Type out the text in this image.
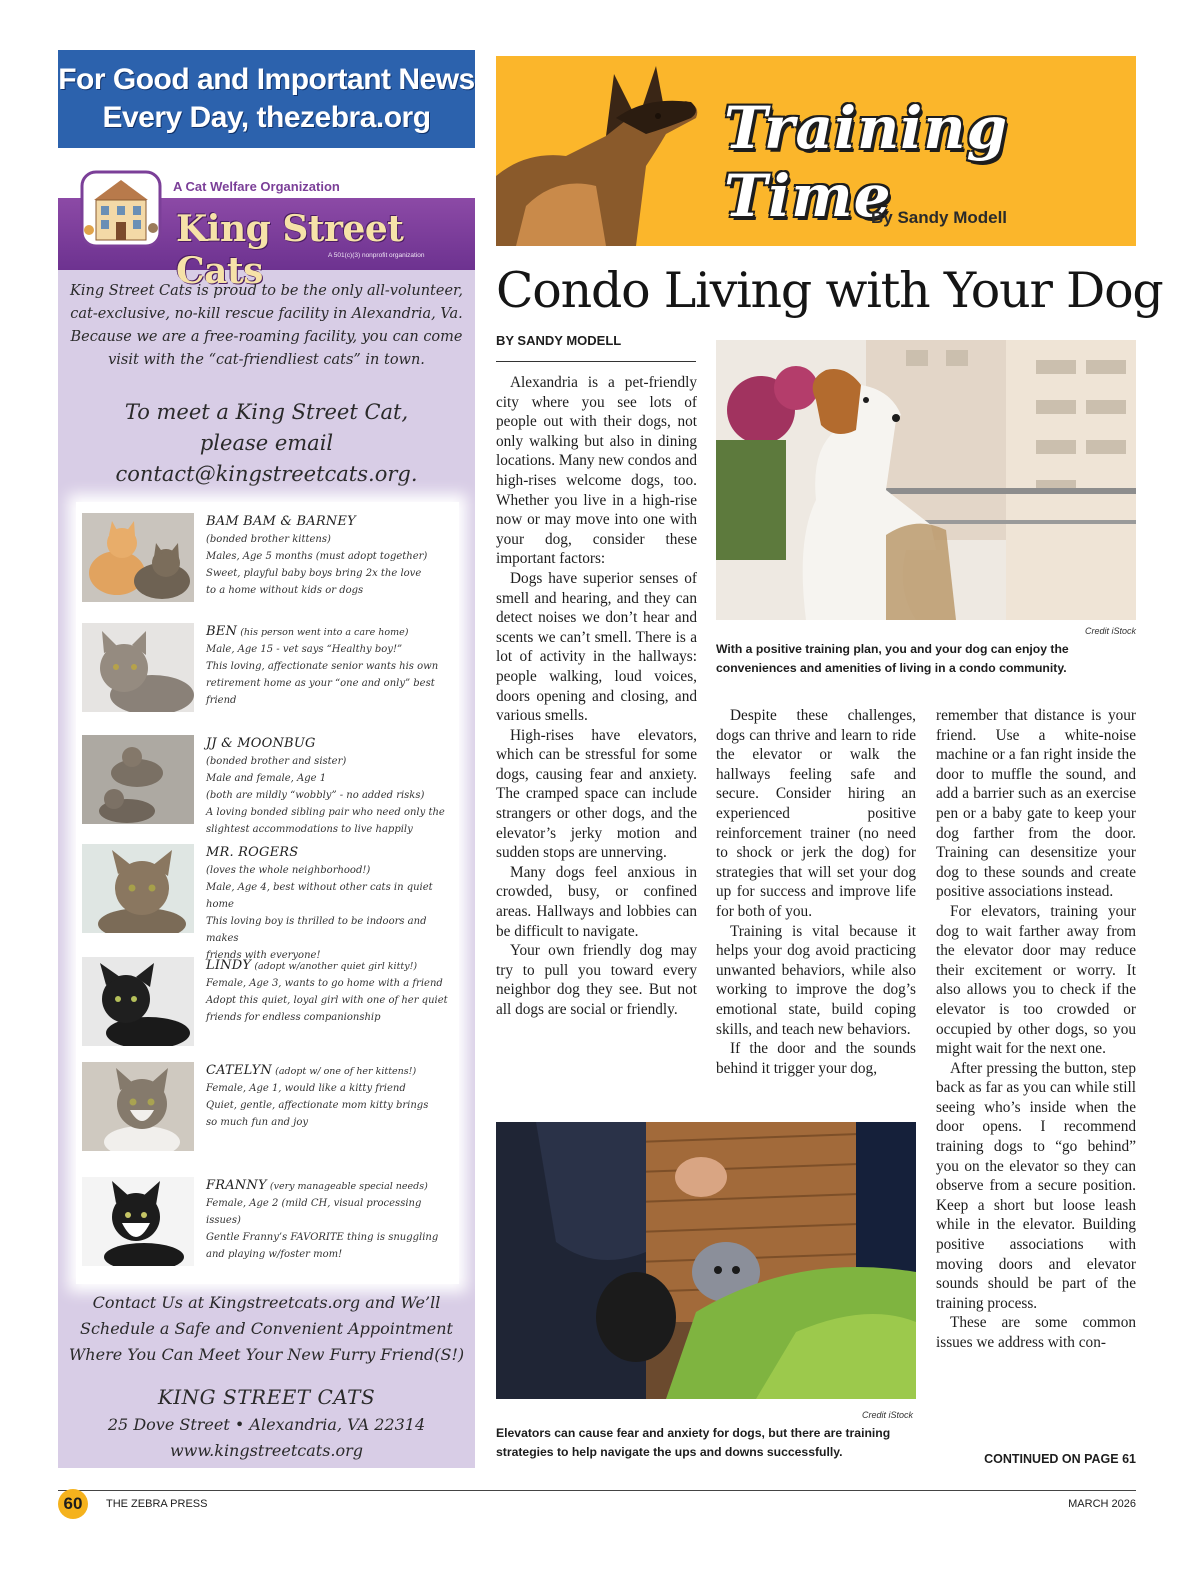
For Good and Important News
Every Day, thezebra.org
A Cat Welfare Organization
King Street Cats	A 501(c)(3) nonprofit organization
King Street Cats is proud to be the only all-volunteer, cat-exclusive, no-kill rescue facility in Alexandria, Va. Because we are a free-roaming facility, you can come visit with the “cat-friendliest cats” in town.
To meet a King Street Cat,
please email
contact@kingstreetcats.org.
BAM BAM & BARNEY
(bonded brother kittens)
Males, Age 5 months (must adopt together)
Sweet, playful baby boys bring 2x the love
to a home without kids or dogs
BEN (his person went into a care home)
Male, Age 15 - vet says “Healthy boy!”
This loving, affectionate senior wants his own
retirement home as your “one and only” best friend
JJ & MOONBUG
(bonded brother and sister)
Male and female, Age 1
(both are mildly “wobbly” - no added risks)
A loving bonded sibling pair who need only the
slightest accommodations to live happily
MR. ROGERS
(loves the whole neighborhood!)
Male, Age 4, best without other cats in quiet home
This loving boy is thrilled to be indoors and makes
friends with everyone!
LINDY (adopt w/another quiet girl kitty!)
Female, Age 3, wants to go home with a friend
Adopt this quiet, loyal girl with one of her quiet
friends for endless companionship
CATELYN (adopt w/ one of her kittens!)
Female, Age 1, would like a kitty friend
Quiet, gentle, affectionate mom kitty brings
so much fun and joy
FRANNY (very manageable special needs)
Female, Age 2 (mild CH, visual processing issues)
Gentle Franny’s FAVORITE thing is snuggling
and playing w/foster mom!
Contact Us at Kingstreetcats.org and We’ll
Schedule a Safe and Convenient Appointment
Where You Can Meet Your New Furry Friend(S!)
KING STREET CATS
25 Dove Street • Alexandria, VA 22314
www.kingstreetcats.org
Training Time
By Sandy Modell
Condo Living with Your Dog
BY SANDY MODELL

Alexandria is a pet-friendly city where you see lots of people out with their dogs, not only walking but also in dining locations. Many new condos and high-rises welcome dogs, too. Whether you live in a high-rise now or may move into one with your dog, consider these important factors:

Dogs have superior senses of smell and hearing, and they can detect noises we don’t hear and scents we can’t smell. There is a lot of activity in the hallways: people walking, loud voices, doors opening and closing, and various smells.

High-rises have elevators, which can be stressful for some dogs, causing fear and anxiety. The cramped space can include strangers or other dogs, and the elevator’s jerky motion and sudden stops are unnerving.

Many dogs feel anxious in crowded, busy, or confined areas. Hallways and lobbies can be difficult to navigate.

Your own friendly dog may try to pull you toward every neighbor dog they see. But not all dogs are social or friendly.

Credit iStock
With a positive training plan, you and your dog can enjoy the conveniences and amenities of living in a condo community.

Despite these challenges, dogs can thrive and learn to ride the elevator or walk the hallways feeling safe and secure. Consider hiring an experienced positive reinforcement trainer (no need to shock or jerk the dog) for strategies that will set your dog up for success and improve life for both of you.

Training is vital because it helps your dog avoid practicing unwanted behaviors, while also working to improve the dog’s emotional state, build coping skills, and teach new behaviors.

If the door and the sounds behind it trigger your dog,

remember that distance is your friend. Use a white-noise machine or a fan right inside the door to muffle the sound, and add a barrier such as an exercise pen or a baby gate to keep your dog farther from the door. Training can desensitize your dog to these sounds and create positive associations instead.

For elevators, training your dog to wait farther away from the elevator door may reduce their excitement or worry. It also allows you to check if the elevator is too crowded or occupied by other dogs, so you might wait for the next one.

After pressing the button, step back as far as you can while still seeing who’s inside when the door opens. I recommend training dogs to “go behind” you on the elevator so they can observe from a secure position. Keep a short but loose leash while in the elevator. Building positive associations with moving doors and elevator sounds should be part of the training process.

These are some common issues we address with con-

Credit iStock
Elevators can cause fear and anxiety for dogs, but there are training strategies to help navigate the ups and downs successfully.	CONTINUED ON PAGE 61
60	THE ZEBRA PRESS	MARCH 2026
